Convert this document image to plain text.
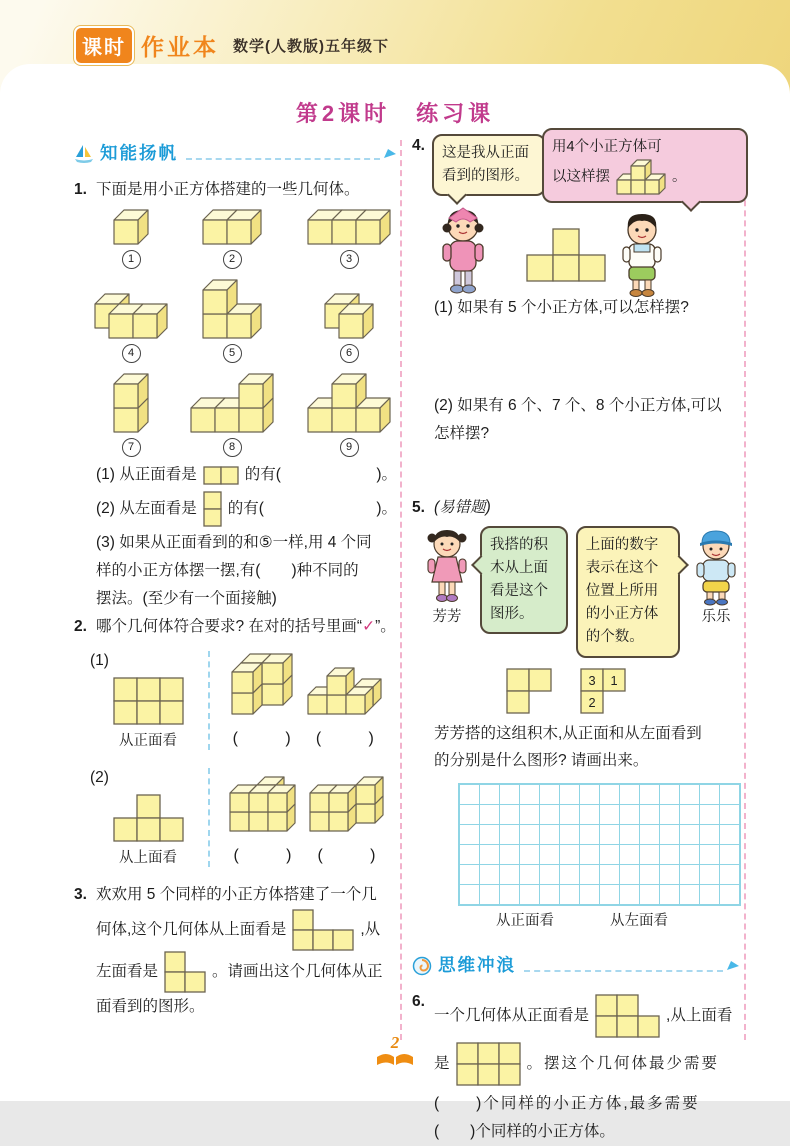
课时 作业本 数学(人教版)五年级下
第2课时　练习课
知能扬帆
1. 下面是用小正方体搭建的一些几何体。
1	2	3
4	5	6
7	8	9
(1) 从正面看是	的有(	)。
(2) 从左面看是 的有(	)。
(3) 如果从正面看到的和⑤一样,用 4 个同
样的小正方体摆一摆,有(　　)种不同的
摆法。(至少有一个面接触)
2. 哪个几何体符合要求? 在对的括号里画“✓”。
(1)
从正面看	(	) (	)
(2)
从上面看	(	) (	)
3. 欢欢用 5 个同样的小正方体搭建了一个几
何体,这个几何体从上面看是	,从
左面看是	。请画出这个几何体从正
面看到的图形。
4.	这是我从正面看到的图形。
用4个小正方体可
以这样摆	。
(1) 如果有 5 个小正方体,可以怎样摆?
(2) 如果有 6 个、7 个、8 个小正方体,可以
怎样摆?
5. (易错题)
芳芳
我搭的积木从上面看是这个图形。
上面的数字表示在这个位置上所用的小正方体的个数。
乐乐
3 1
2
芳芳搭的这组积木,从正面和从左面看到
的分别是什么图形? 请画出来。
从正面看	从左面看
思维冲浪
6.
一个几何体从正面看是	,从上面看
是	。摆这个几何体最少需要
(　　)个同样的小正方体,最多需要
(　　)个同样的小正方体。
2
